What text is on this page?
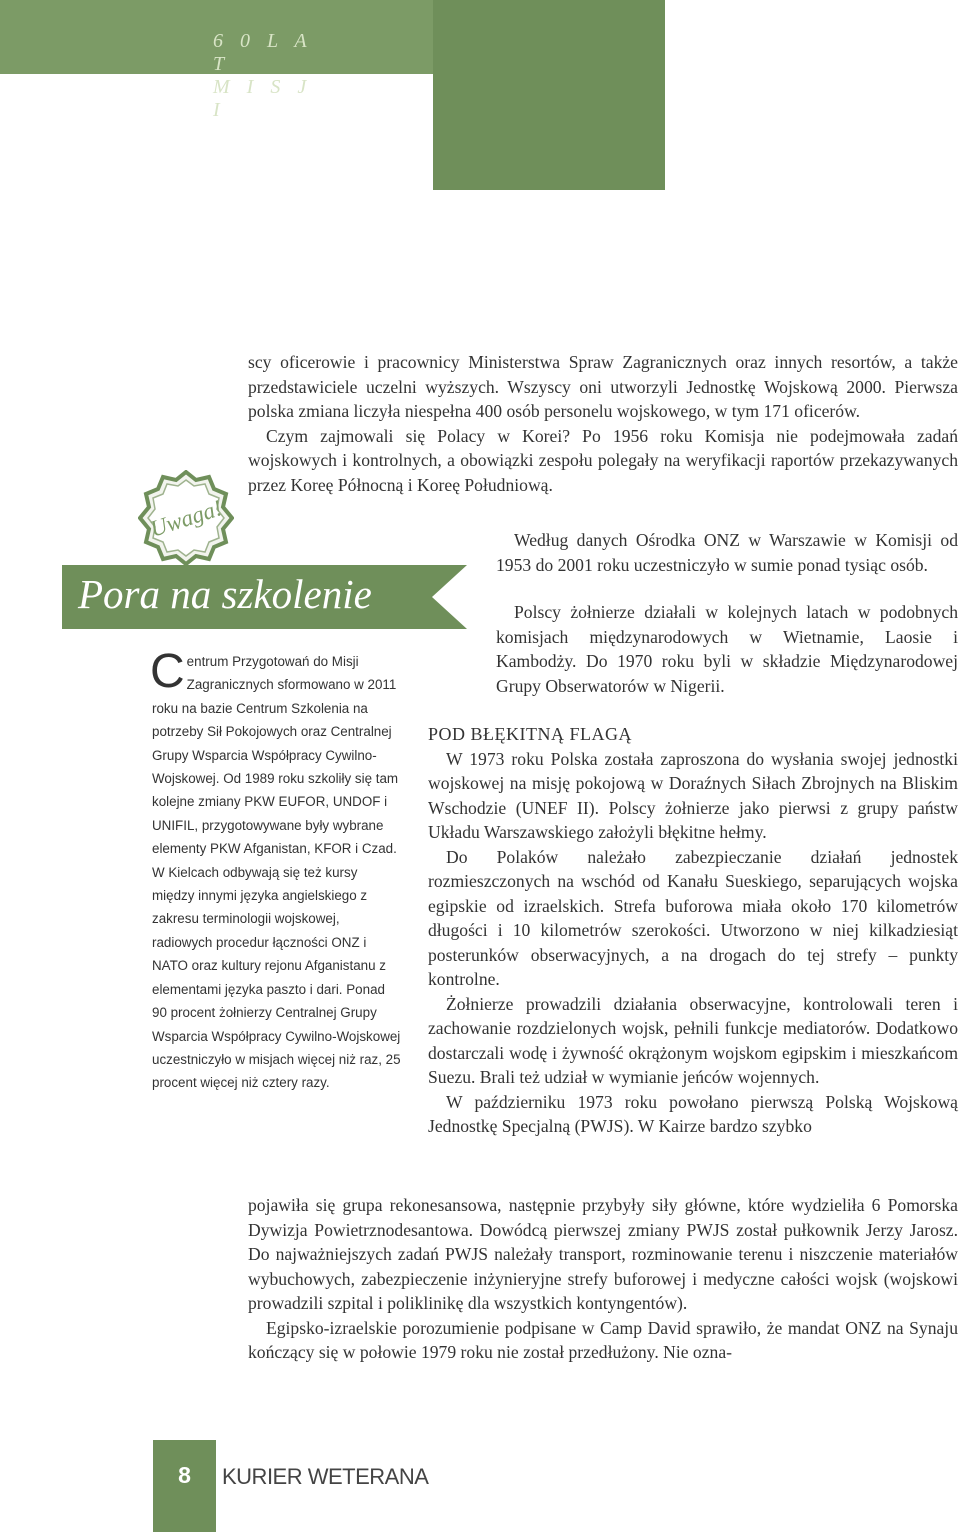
6 0 L A T
M I S J I

scy oficerowie i pracownicy Ministerstwa Spraw Zagranicznych oraz innych resortów, a także przedstawiciele uczelni wyższych. Wszyscy oni utworzyli Jednostkę Wojskową 2000. Pierwsza polska zmiana liczyła niespełna 400 osób personelu wojskowego, w tym 171 oficerów.

Czym zajmowali się Polacy w Korei? Po 1956 roku Komisja nie podejmowała zadań wojskowych i kontrolnych, a obowiązki zespołu polegały na weryfikacji raportów przekazywanych przez Koreę Północną i Koreę Południową.

Według danych Ośrodka ONZ w Warszawie w Komisji od 1953 do 2001 roku uczestniczyło w sumie ponad tysiąc osób.

Polscy żołnierze działali w kolejnych latach w podobnych komisjach międzynarodowych w Wietnamie, Laosie i Kambodży. Do 1970 roku byli w składzie Międzynarodowej Grupy Obserwatorów w Nigerii.

Uwaga!
Pora na szkolenie
C entrum Przygotowań do Misji Zagranicznych sformowano w 2011 roku na bazie Centrum Szkolenia na potrzeby Sił Pokojowych oraz Centralnej Grupy Wsparcia Współpracy Cywilno-Wojskowej. Od 1989 roku szkoliły się tam kolejne zmiany PKW EUFOR, UNDOF i UNIFIL, przygotowywane były wybrane elementy PKW Afganistan, KFOR i Czad. W Kielcach odbywają się też kursy między innymi języka angielskiego z zakresu terminologii wojskowej, radiowych procedur łączności ONZ i NATO oraz kultury rejonu Afganistanu z elementami języka paszto i dari. Ponad 90 procent żołnierzy Centralnej Grupy Wsparcia Współpracy Cywilno-Wojskowej uczestniczyło w misjach więcej niż raz, 25 procent więcej niż cztery razy.

POD BŁĘKITNĄ FLAGĄ

W 1973 roku Polska została zaproszona do wysłania swojej jednostki wojskowej na misję pokojową w Doraźnych Siłach Zbrojnych na Bliskim Wschodzie (UNEF II). Polscy żołnierze jako pierwsi z grupy państw Układu Warszawskiego założyli błękitne hełmy.

Do Polaków należało zabezpieczanie działań jednostek rozmieszczonych na wschód od Kanału Sueskiego, separujących wojska egipskie od izraelskich. Strefa buforowa miała około 170 kilometrów długości i 10 kilometrów szerokości. Utworzono w niej kilkadziesiąt posterunków obserwacyjnych, a na drogach do tej strefy – punkty kontrolne.

Żołnierze prowadzili działania obserwacyjne, kontrolowali teren i zachowanie rozdzielonych wojsk, pełnili funkcje mediatorów. Dodatkowo dostarczali wodę i żywność okrążonym wojskom egipskim i mieszkańcom Suezu. Brali też udział w wymianie jeńców wojennych.

W październiku 1973 roku powołano pierwszą Polską Wojskową Jednostkę Specjalną (PWJS). W Kairze bardzo szybko

pojawiła się grupa rekonesansowa, następnie przybyły siły główne, które wydzieliła 6 Pomorska Dywizja Powietrznodesantowa. Dowódcą pierwszej zmiany PWJS został pułkownik Jerzy Jarosz. Do najważniejszych zadań PWJS należały transport, rozminowanie terenu i niszczenie materiałów wybuchowych, zabezpieczenie inżynieryjne strefy buforowej i medyczne całości wojsk (wojskowi prowadzili szpital i poliklinikę dla wszystkich kontyngentów).

Egipsko-izraelskie porozumienie podpisane w Camp David sprawiło, że mandat ONZ na Synaju kończący się w połowie 1979 roku nie został przedłużony. Nie ozna-

8	KURIER WETERANA
